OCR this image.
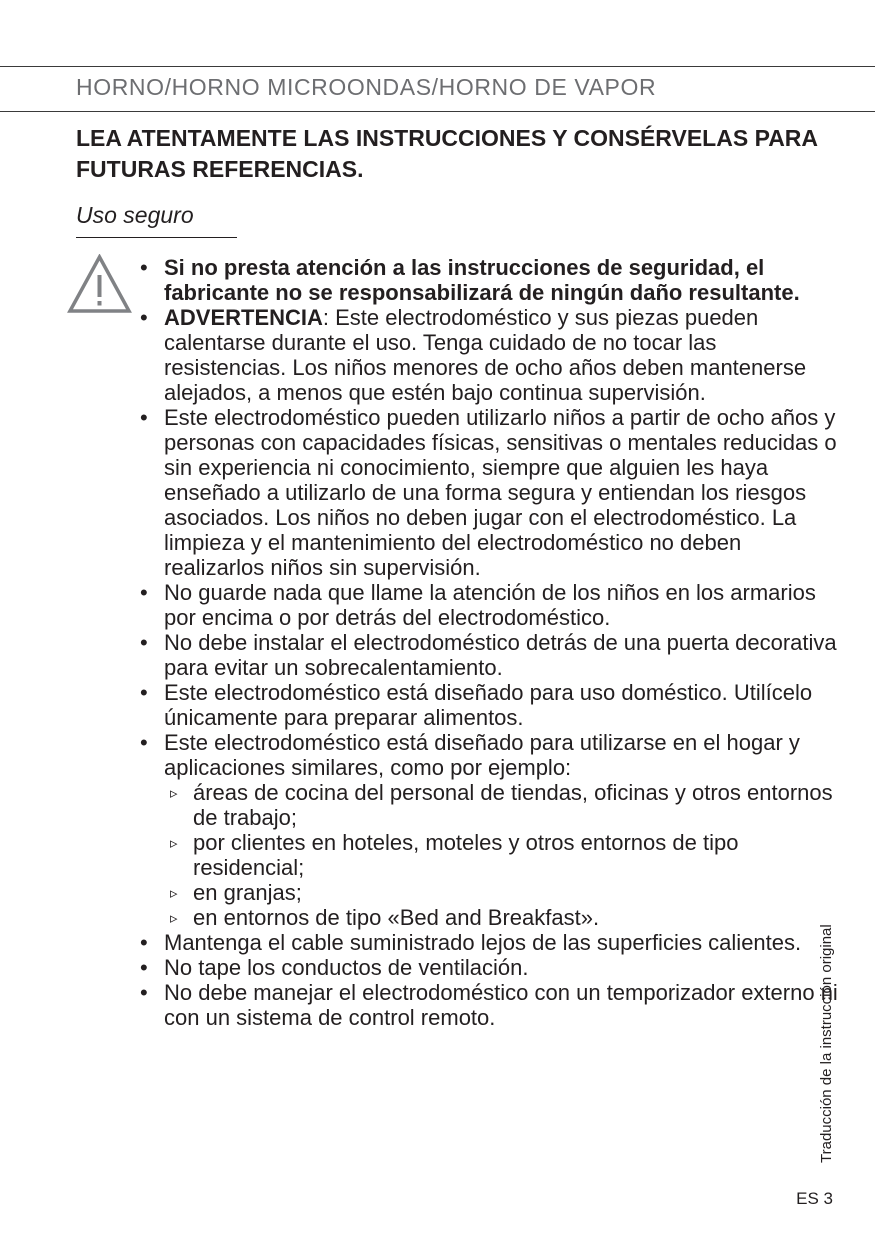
HORNO/HORNO MICROONDAS/HORNO DE VAPOR
LEA ATENTAMENTE LAS INSTRUCCIONES Y CONSÉRVELAS PARA FUTURAS REFERENCIAS.
Uso seguro
• Si no presta atención a las instrucciones de seguridad, el fabricante no se responsabilizará de ningún daño resultante.
• ADVERTENCIA: Este electrodoméstico y sus piezas pueden calentarse durante el uso. Tenga cuidado de no tocar las resistencias. Los niños menores de ocho años deben mantenerse alejados, a menos que estén bajo continua supervisión.
• Este electrodoméstico pueden utilizarlo niños a partir de ocho años y personas con capacidades físicas, sensitivas o mentales reducidas o sin experiencia ni conocimiento, siempre que alguien les haya enseñado a utilizarlo de una forma segura y entiendan los riesgos asociados. Los niños no deben jugar con el electrodoméstico. La limpieza y el mantenimiento del electrodoméstico no deben realizarlos niños sin supervisión.
• No guarde nada que llame la atención de los niños en los armarios por encima o por detrás del electrodoméstico.
• No debe instalar el electrodoméstico detrás de una puerta decorativa para evitar un sobrecalentamiento.
• Este electrodoméstico está diseñado para uso doméstico. Utilícelo únicamente para preparar alimentos.
• Este electrodoméstico está diseñado para utilizarse en el hogar y aplicaciones similares, como por ejemplo:
▹ áreas de cocina del personal de tiendas, oficinas y otros entornos de trabajo;
▹ por clientes en hoteles, moteles y otros entornos de tipo residencial;
▹ en granjas;
▹ en entornos de tipo «Bed and Breakfast».
• Mantenga el cable suministrado lejos de las superficies calientes.
• No tape los conductos de ventilación.
• No debe manejar el electrodoméstico con un temporizador externo ni con un sistema de control remoto.	Traducción de la instrucción original
ES 3
